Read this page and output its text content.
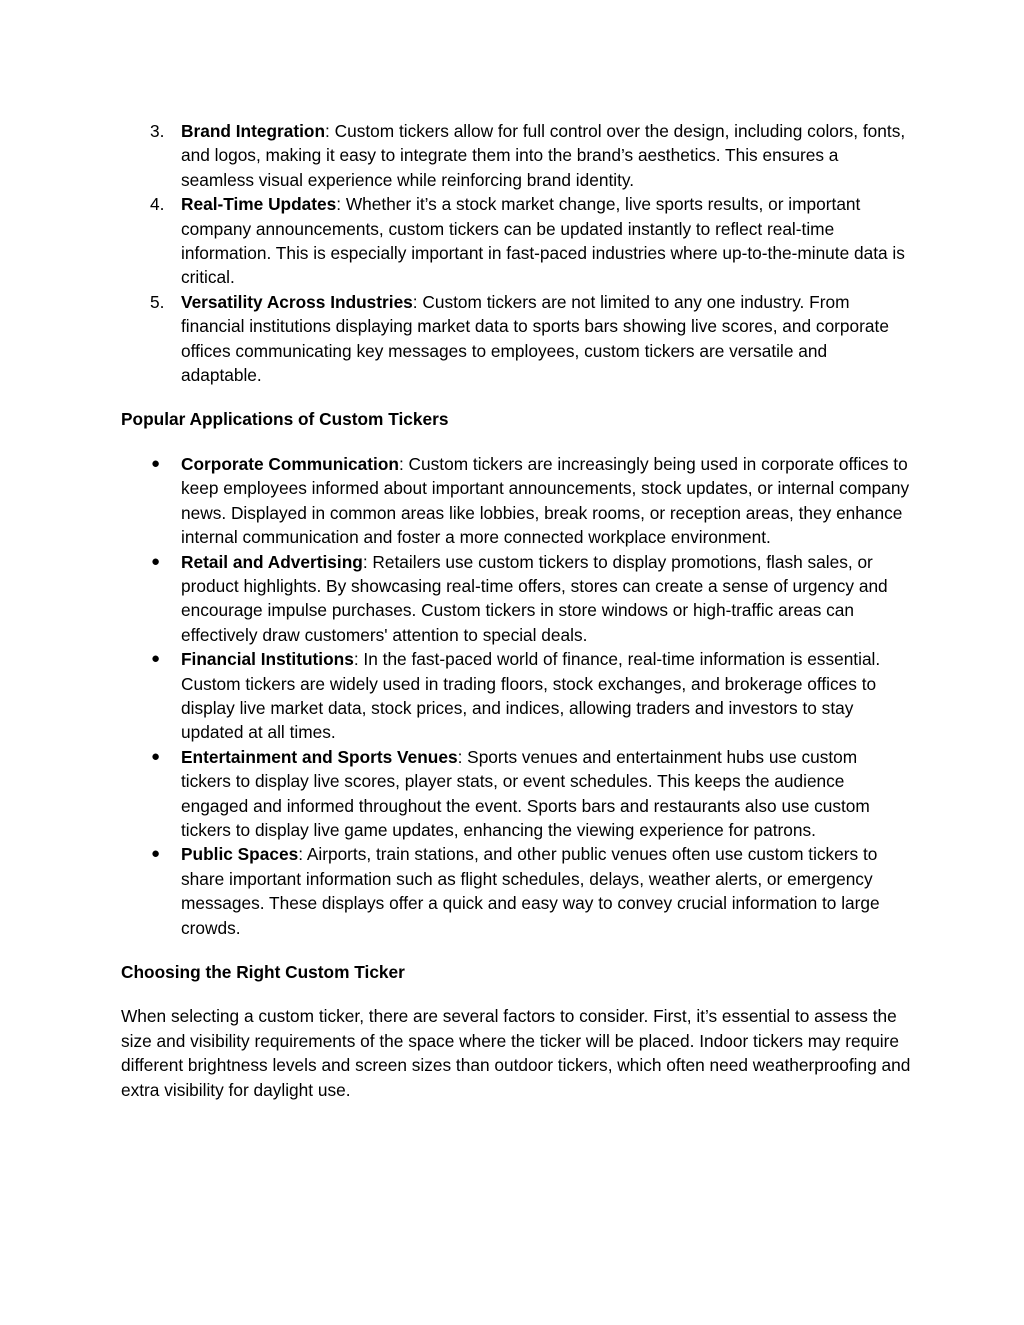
3. Brand Integration: Custom tickers allow for full control over the design, including colors, fonts, and logos, making it easy to integrate them into the brand’s aesthetics. This ensures a seamless visual experience while reinforcing brand identity.
4. Real-Time Updates: Whether it’s a stock market change, live sports results, or important company announcements, custom tickers can be updated instantly to reflect real-time information. This is especially important in fast-paced industries where up-to-the-minute data is critical.
5. Versatility Across Industries: Custom tickers are not limited to any one industry. From financial institutions displaying market data to sports bars showing live scores, and corporate offices communicating key messages to employees, custom tickers are versatile and adaptable.
Popular Applications of Custom Tickers
●	Corporate Communication: Custom tickers are increasingly being used in corporate offices to keep employees informed about important announcements, stock updates, or internal company news. Displayed in common areas like lobbies, break rooms, or reception areas, they enhance internal communication and foster a more connected workplace environment.
●	Retail and Advertising: Retailers use custom tickers to display promotions, flash sales, or product highlights. By showcasing real-time offers, stores can create a sense of urgency and encourage impulse purchases. Custom tickers in store windows or high-traffic areas can effectively draw customers' attention to special deals.
●	Financial Institutions: In the fast-paced world of finance, real-time information is essential. Custom tickers are widely used in trading floors, stock exchanges, and brokerage offices to display live market data, stock prices, and indices, allowing traders and investors to stay updated at all times.
●	Entertainment and Sports Venues: Sports venues and entertainment hubs use custom tickers to display live scores, player stats, or event schedules. This keeps the audience engaged and informed throughout the event. Sports bars and restaurants also use custom tickers to display live game updates, enhancing the viewing experience for patrons.
●	Public Spaces: Airports, train stations, and other public venues often use custom tickers to share important information such as flight schedules, delays, weather alerts, or emergency messages. These displays offer a quick and easy way to convey crucial information to large crowds.
Choosing the Right Custom Ticker

When selecting a custom ticker, there are several factors to consider. First, it’s essential to assess the size and visibility requirements of the space where the ticker will be placed. Indoor tickers may require different brightness levels and screen sizes than outdoor tickers, which often need weatherproofing and extra visibility for daylight use.
